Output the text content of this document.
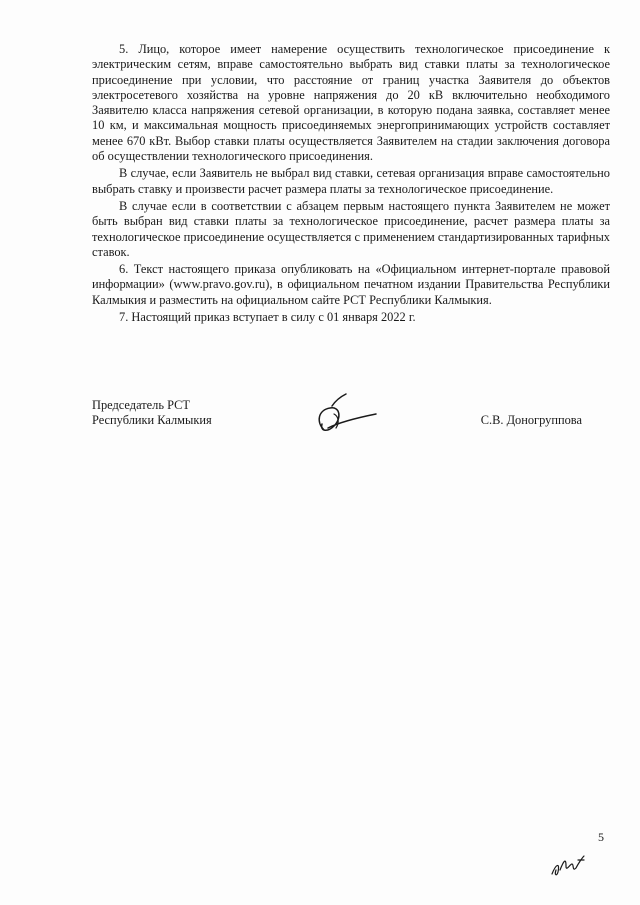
5. Лицо, которое имеет намерение осуществить технологическое присоединение к электрическим сетям, вправе самостоятельно выбрать вид ставки платы за технологическое присоединение при условии, что расстояние от границ участка Заявителя до объектов электросетевого хозяйства на уровне напряжения до 20 кВ включительно необходимого Заявителю класса напряжения сетевой организации, в которую подана заявка, составляет менее 10 км, и максимальная мощность присоединяемых энергопринимающих устройств составляет менее 670 кВт. Выбор ставки платы осуществляется Заявителем на стадии заключения договора об осуществлении технологического присоединения.

В случае, если Заявитель не выбрал вид ставки, сетевая организация вправе самостоятельно выбрать ставку и произвести расчет размера платы за технологическое присоединение.

В случае если в соответствии с абзацем первым настоящего пункта Заявителем не может быть выбран вид ставки платы за технологическое присоединение, расчет размера платы за технологическое присоединение осуществляется с применением стандартизированных тарифных ставок.

6. Текст настоящего приказа опубликовать на «Официальном интернет-портале правовой информации» (www.pravo.gov.ru), в официальном печатном издании Правительства Республики Калмыкия и разместить на официальном сайте РСТ Республики Калмыкия.

7. Настоящий приказ вступает в силу с 01 января 2022 г.

Председатель РСТ
Республики Калмыкия	С.В. Доногруппова
5
